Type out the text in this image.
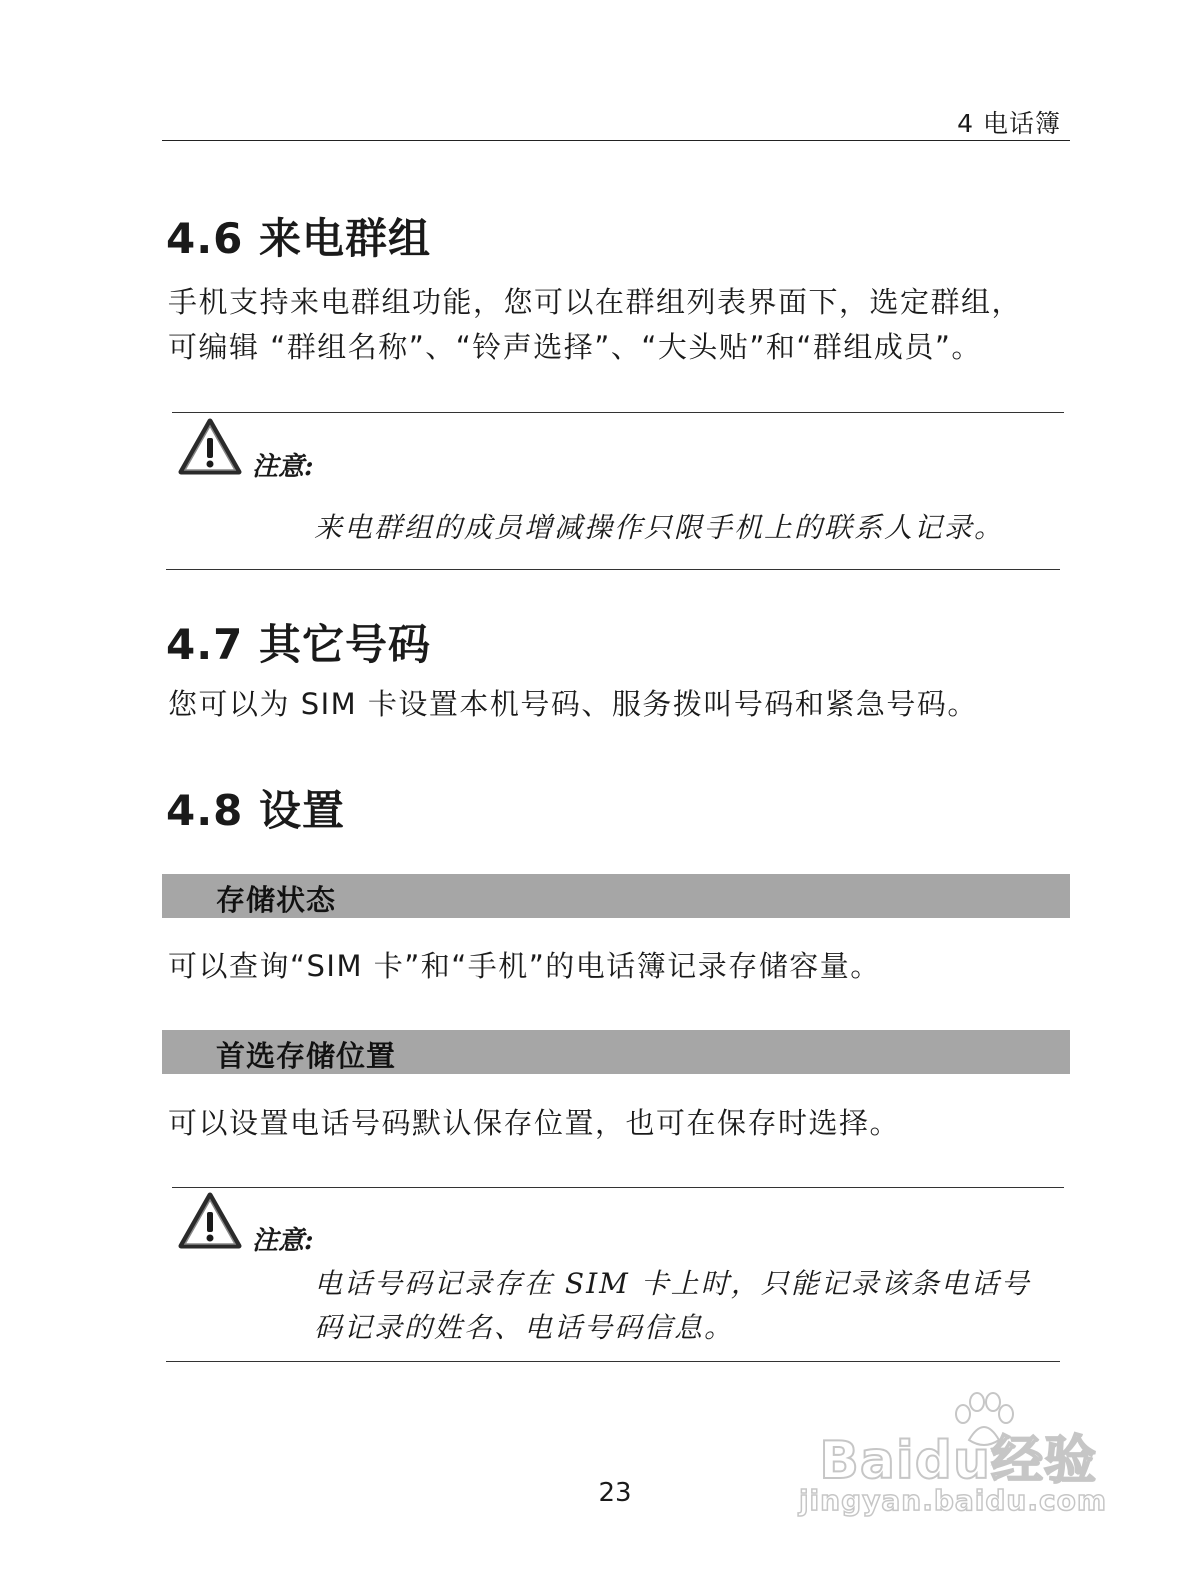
4 电话簿
4.6 来电群组
手机支持来电群组功能，您可以在群组列表界面下，选定群组，
可编辑 “群组名称”、“铃声选择”、“大头贴”和“群组成员”。
注意:
来电群组的成员增减操作只限手机上的联系人记录。
4.7 其它号码
您可以为 SIM 卡设置本机号码、服务拨叫号码和紧急号码。
4.8 设置
存储状态
可以查询“SIM 卡”和“手机”的电话簿记录存储容量。
首选存储位置
可以设置电话号码默认保存位置，也可在保存时选择。
注意:
电话号码记录存在 SIM 卡上时，只能记录该条电话号
码记录的姓名、电话号码信息。
Baidu经验
jingyan.baidu.com
23
